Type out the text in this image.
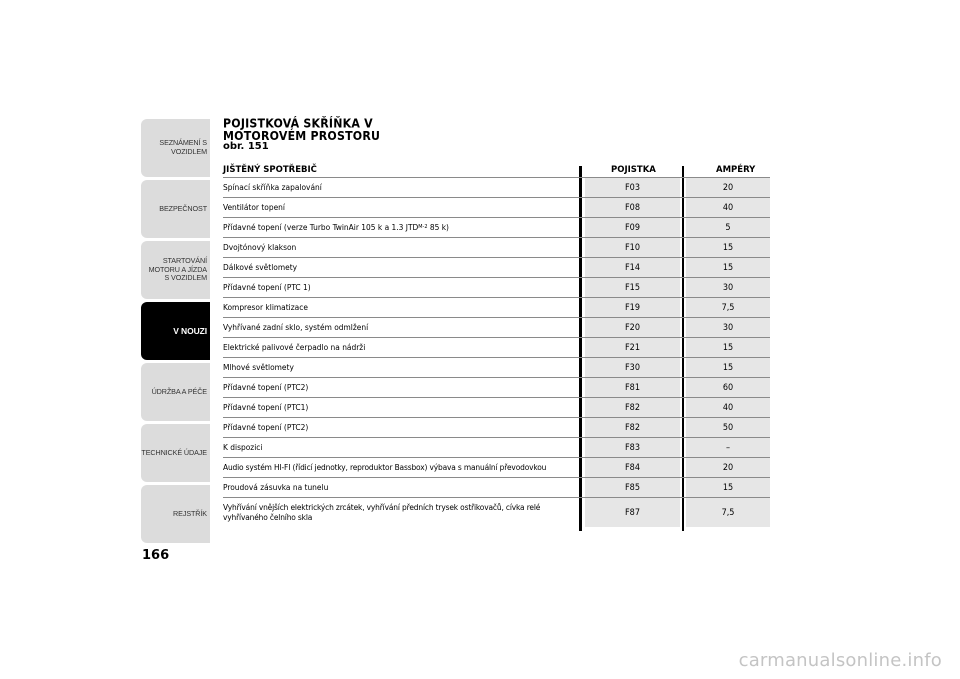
SEZNÁMENÍ S VOZIDLEM
BEZPEČNOST
STARTOVÁNÍ MOTORU A JÍZDA S VOZIDLEM
V NOUZI
ÚDRŽBA A PÉČE
TECHNICKÉ ÚDAJE
REJSTŘÍK
166
POJISTKOVÁ SKŘÍŇKA V
MOTOROVÉM PROSTORU
obr. 151
JIŠTĚNÝ SPOTŘEBIČ	POJISTKA	AMPÉRY
Spínací skříňka zapalování	F03	20
Ventilátor topení	F08	40
Přídavné topení (verze Turbo TwinAir 105 k a 1.3 JTD M-2 85 k)	F09	5
Dvojtónový klakson	F10	15
Dálkové světlomety	F14	15
Přídavné topení (PTC 1)	F15	30
Kompresor klimatizace	F19	7,5
Vyhřívané zadní sklo, systém odmlžení	F20	30
Elektrické palivové čerpadlo na nádrži	F21	15
Mlhové světlomety	F30	15
Přídavné topení (PTC2)	F81	60
Přídavné topení (PTC1)	F82	40
Přídavné topení (PTC2)	F82	50
K dispozici	F83	–
Audio systém HI-FI (řídicí jednotky, reproduktor Bassbox) výbava s manuální převodovkou	F84	20
Proudová zásuvka na tunelu	F85	15
Vyhřívání vnějších elektrických zrcátek, vyhřívání předních trysek ostřikovačů, cívka relé
vyhřívaného čelního skla	F87	7,5
carmanualsonline.info
